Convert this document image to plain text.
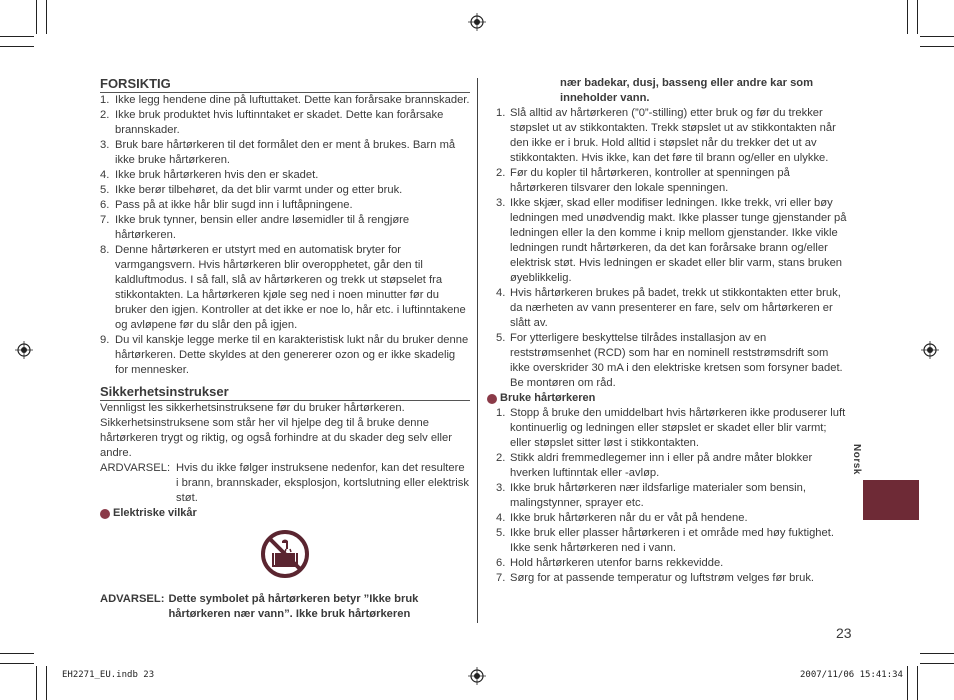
FORSIKTIG
1. Ikke legg hendene dine på luftuttaket. Dette kan forårsake brannskader.
2. Ikke bruk produktet hvis luftinntaket er skadet. Dette kan forårsake brannskader.
3. Bruk bare hårtørkeren til det formålet den er ment å brukes. Barn må ikke bruke hårtørkeren.
4. Ikke bruk hårtørkeren hvis den er skadet.
5. Ikke berør tilbehøret, da det blir varmt under og etter bruk.
6. Pass på at ikke hår blir sugd inn i luftåpningene.
7. Ikke bruk tynner, bensin eller andre løsemidler til å rengjøre hårtørkeren.
8. Denne hårtørkeren er utstyrt med en automatisk bryter for varmgangsvern. Hvis hårtørkeren blir overopphetet, går den til kaldluftmodus. I så fall, slå av hårtørkeren og trekk ut støpselet fra stikkontakten. La hårtørkeren kjøle seg ned i noen minutter før du bruker den igjen. Kontroller at det ikke er noe lo, hår etc. i luftinntakene og avløpene før du slår den på igjen.
9. Du vil kanskje legge merke til en karakteristisk lukt når du bruker denne hårtørkeren. Dette skyldes at den genererer ozon og er ikke skadelig for mennesker.
Sikkerhetsinstrukser

Vennligst les sikkerhetsinstruksene før du bruker hårtørkeren.

Sikkerhetsinstruksene som står her vil hjelpe deg til å bruke denne hårtørkeren trygt og riktig, og også forhindre at du skader deg selv eller andre.

ARDVARSEL: Hvis du ikke følger instruksene nedenfor, kan det resultere i brann, brannskader, eksplosjon, kortslutning eller elektrisk støt.
Elektriske vilkår
ADVARSEL: Dette symbolet på hårtørkeren betyr ”Ikke bruk hårtørkeren nær vann”. Ikke bruk hårtørkeren

nær badekar, dusj, basseng eller andre kar som inneholder vann.

1. Slå alltid av hårtørkeren (”0”-stilling) etter bruk og før du trekker støpslet ut av stikkontakten. Trekk støpslet ut av stikkontakten når den ikke er i bruk. Hold alltid i støpslet når du trekker det ut av stikkontakten. Hvis ikke, kan det føre til brann og/eller en ulykke.
2. Før du kopler til hårtørkeren, kontroller at spenningen på hårtørkeren tilsvarer den lokale spenningen.
3. Ikke skjær, skad eller modifiser ledningen. Ikke trekk, vri eller bøy ledningen med unødvendig makt. Ikke plasser tunge gjenstander på ledningen eller la den komme i knip mellom gjenstander. Ikke vikle ledningen rundt hårtørkeren, da det kan forårsake brann og/eller elektrisk støt. Hvis ledningen er skadet eller blir varm, stans bruken øyeblikkelig.
4. Hvis hårtørkeren brukes på badet, trekk ut stikkontakten etter bruk, da nærheten av vann presenterer en fare, selv om hårtørkeren er slått av.
5. For ytterligere beskyttelse tilrådes installasjon av en reststrømsenhet (RCD) som har en nominell reststrømsdrift som ikke overskrider 30 mA i den elektriske kretsen som forsyner badet. Be montøren om råd.
Bruke hårtørkeren
1. Stopp å bruke den umiddelbart hvis hårtørkeren ikke produserer luft kontinuerlig og ledningen eller støpslet er skadet eller blir varmt; eller støpslet sitter løst i stikkontakten.
2. Stikk aldri fremmedlegemer inn i eller på andre måter blokker hverken luftinntak eller -avløp.
3. Ikke bruk hårtørkeren nær ildsfarlige materialer som bensin, malingstynner, sprayer etc.
4. Ikke bruk hårtørkeren når du er våt på hendene.
5. Ikke bruk eller plasser hårtørkeren i et område med høy fuktighet. Ikke senk hårtørkeren ned i vann.
6. Hold hårtørkeren utenfor barns rekkevidde.
7. Sørg for at passende temperatur og luftstrøm velges før bruk.
Norsk
23
EH2271_EU.indb 23	2007/11/06 15:41:34
